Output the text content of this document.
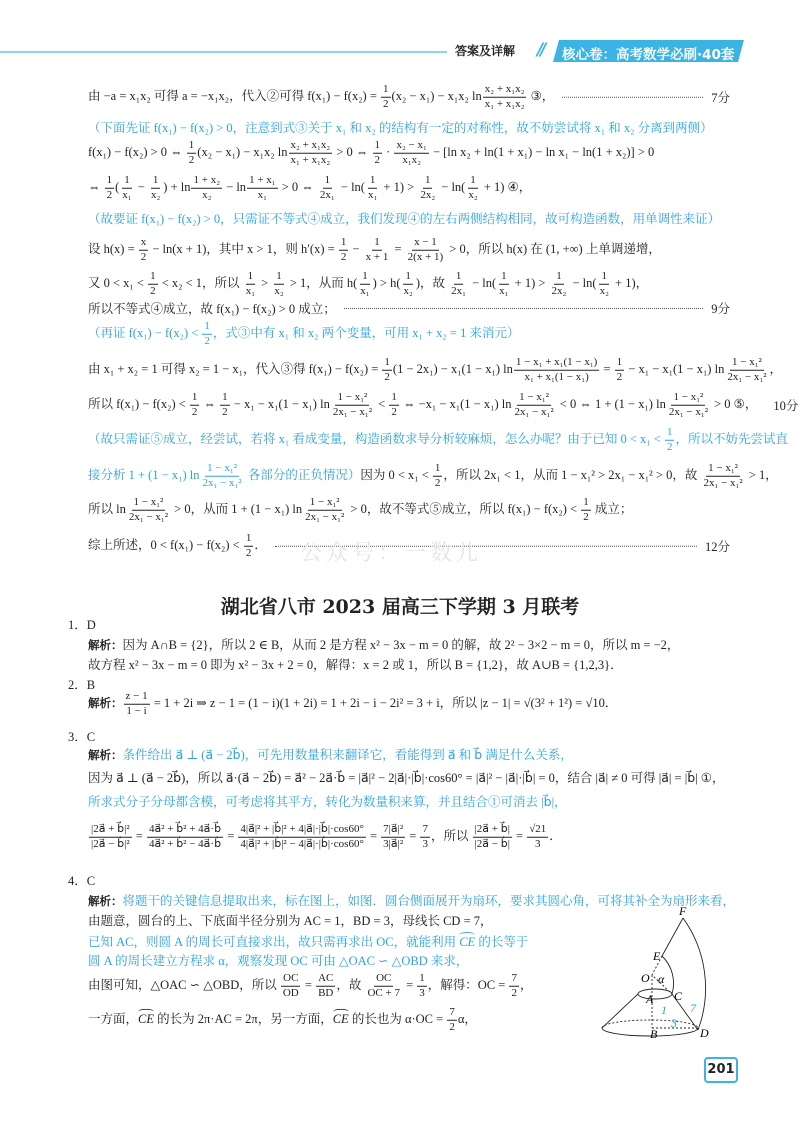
答案及详解 // 核心卷：高考数学必刷·40套
由 −a = x₁x₂ 可得 a = −x₁x₂，代入②可得 $f(x_1) - f(x_2) = \frac{1}{2} (x_2 - x_1) - x_1x_2$ $\ln \frac{\text{x₂ + x₁x₂}}{\text{x₁ + x₁x₂}}$ ③，	7分
（下面先证 f(x₁) − f(x₂) > 0，注意到式③关于 x₁ 和 x₂ 的结构有一定的对称性，故不妨尝试将 x₁ 和 x₂ 分离到两侧）
f(x₁) − f(x₂) > 0 ⇔ $\frac{1}{2} (x_2 - x_1) - x_1x_2$ $\ln \frac{\text{x₂ + x₁x₂}}{\text{x₁ + x₁x₂}} > 0$ ⇔ $\frac{1}{2} \cdot \frac{\text{x₂ − x₁}}{\text{x₁x₂}} - [\ln$ x₂ + ln(1 + x₁) − ln x₁ − ln(1 + x₂)] > 0
⇔ $\frac{1}{2}$ ( $\frac{1}{\text{x₁}} - \frac{1}{\text{x₂}}$ ) + $\ln \frac{\text{1 + x₂}}{\text{x₂}} - \ln \frac{\text{1 + x₁}}{\text{x₁}} > 0$ ⇔ $\frac{1}{\text{2x₁}} - \ln( \frac{1}{\text{x₁}} + 1) > \frac{1}{\text{2x₂}} - \ln( \frac{1}{\text{x₂}} + 1)$ ④，
（故要证 f(x₁) − f(x₂) > 0，只需证不等式④成立，我们发现④的左右两侧结构相同，故可构造函数，用单调性来证）
设 $h(x) = \frac{x}{2} - \ln(x + 1)$，其中 x > 1，则 $h'(x) = \frac{1}{2} - \frac{1}{x + 1} = \frac{x - 1}{2(x + 1)} > 0$，所以 h(x) 在 (1, +∞) 上单调递增，
又 $0 < x_1 < \frac{1}{2} < x_2 < 1$，所以 $\frac{1}{\text{x₁}} > \frac{1}{\text{x₂}} > 1$，从而 $h( \frac{1}{\text{x₁}}$ ) > $h( \frac{1}{\text{x₂}}$ )，故 $\frac{1}{\text{2x₁}} - \ln( \frac{1}{\text{x₁}} + 1) > \frac{1}{\text{2x₂}} - \ln( \frac{1}{\text{x₂}} + 1)$，
所以不等式④成立，故 f(x₁) − f(x₂) > 0 成立；	9分
（再证 $f(x_1) - f(x_2) < \frac{1}{2}$ ，式③中有 x₁ 和 x₂ 两个变量，可用 x₁ + x₂ = 1 来消元）
由 x₁ + x₂ = 1 可得 x₂ = 1 − x₁，代入③得 $f(x_1) - f(x_2) = \frac{1}{2} (1 - 2x_1) - x_1(1 - x_1)$ $\ln \frac{\text{1 − x₁ + x₁(1 − x₁)}}{\text{x₁ + x₁(1 − x₁)}} = \frac{1}{2} - x_1 - x_1(1 - x_1)$ $\ln \frac{\text{1 − x₁²}}{\text{2x₁ − x₁²}}$ ，
所以 $f(x_1) - f(x_2) < \frac{1}{2}$ ⇔ $\frac{1}{2} - x_1 - x_1(1 - x_1)$ $\ln \frac{\text{1 − x₁²}}{\text{2x₁ − x₁²}} < \frac{1}{2}$ ⇔ −x₁ − x₁(1 − x₁) $\ln \frac{\text{1 − x₁²}}{\text{2x₁ − x₁²}} < 0$ ⇔ 1 + (1 − x₁) $\ln \frac{\text{1 − x₁²}}{\text{2x₁ − x₁²}} > 0$ ⑤， 10分
（故只需证⑤成立，经尝试，若将 x₁ 看成变量，构造函数求导分析较麻烦，怎么办呢？由于已知 $0 < x_1 < \frac{1}{2}$ ，所以不妨先尝试直
接分析 1 + (1 − x₁) $\ln \frac{\text{1 − x₁²}}{\text{2x₁ − x₁²}}$ 各部分的正负情况）因为 $0 < x_1 < \frac{1}{2}$ ，所以 2x₁ < 1，从而 1 − x₁² > 2x₁ − x₁² > 0，故 $\frac{\text{1 − x₁²}}{\text{2x₁ − x₁²}} > 1$，
所以 $\ln \frac{\text{1 − x₁²}}{\text{2x₁ − x₁²}} > 0$，从而 1 + (1 − x₁) $\ln \frac{\text{1 − x₁²}}{\text{2x₁ − x₁²}} > 0$，故不等式⑤成立，所以 $f(x_1) - f(x_2) < \frac{1}{2}$ 成立；
综上所述，$0 < f(x_1) - f(x_2) < \frac{1}{2}$ ．	12分
公众号：一数儿
湖北省八市 2023 届高三下学期 3 月联考
1．D
解析：因为 A∩B = {2}，所以 2 ∈ B，从而 2 是方程 x² − 3x − m = 0 的解，故 2² − 3×2 − m = 0，所以 m = −2，
故方程 x² − 3x − m = 0 即为 x² − 3x + 2 = 0，解得：x = 2 或 1，所以 B = {1,2}，故 A∪B = {1,2,3}．
2．B
解析： $\frac{z - 1}{1 - i} = 1 + 2i$ ⇒ z − 1 = (1 − i)(1 + 2i) = 1 + 2i − i − 2i² = 3 + i，所以 |z − 1| = √(3² + 1²) = √10．
3．C
解析：条件给出 a⃗ ⊥ (a⃗ − 2b⃗)，可先用数量积来翻译它，看能得到 a⃗ 和 b⃗ 满足什么关系，
因为 a⃗ ⊥ (a⃗ − 2b⃗)，所以 a⃗·(a⃗ − 2b⃗) = a⃗² − 2a⃗·b⃗ = |a⃗|² − 2|a⃗|·|b⃗|·cos60° = |a⃗|² − |a⃗|·|b⃗| = 0，结合 |a⃗| ≠ 0 可得 |a⃗| = |b⃗| ①，
所求式分子分母都含模，可考虑将其平方，转化为数量积来算，并且结合①可消去 |b⃗|，
$\frac{\text{|2a⃗ + b⃗|²}}{\text{|2a⃗ − b⃗|²}} = \frac{\text{4a⃗² + b⃗² + 4a⃗·b⃗}}{\text{4a⃗² + b⃗² − 4a⃗·b⃗}} = \frac{\text{4|a⃗|² + |b⃗|² + 4|a⃗|·|b⃗|·cos60°}}{\text{4|a⃗|² + |b⃗|² − 4|a⃗|·|b⃗|·cos60°}} = \frac{\text{7|a⃗|²}}{\text{3|a⃗|²}} = \frac{7}{3}$ ，所以 $\frac{|2a⃗ + b⃗|}{|2a⃗ - b⃗|} = \frac{√21}{3}$ ．
4．C
解析：将题干的关键信息提取出来，标在图上，如图．圆台侧面展开为扇环，要求其圆心角，可将其补全为扇形来看，
由题意，圆台的上、下底面半径分别为 AC = 1，BD = 3，母线长 CD = 7，
已知 AC，则圆 A 的周长可直接求出，故只需再求出 OC，就能利用 CE 的长等于
圆 A 的周长建立方程求 α，观察发现 OC 可由 △OAC ∽ △OBD 来求，
由图可知，△OAC ∽ △OBD，所以 $\frac{OC}{OD} = \frac{AC}{BD}$ ，故 $\frac{OC}{OC + 7} = \frac{1}{3}$ ，解得：OC = $\frac{7}{2}$ ，
一方面，CE 的长为 2π·AC = 2π，另一方面，CE 的长也为 $\alpha\cdot OC = \frac{7}{2}$ α，
F
E
O α
A C
1 7
B
3
D
201
